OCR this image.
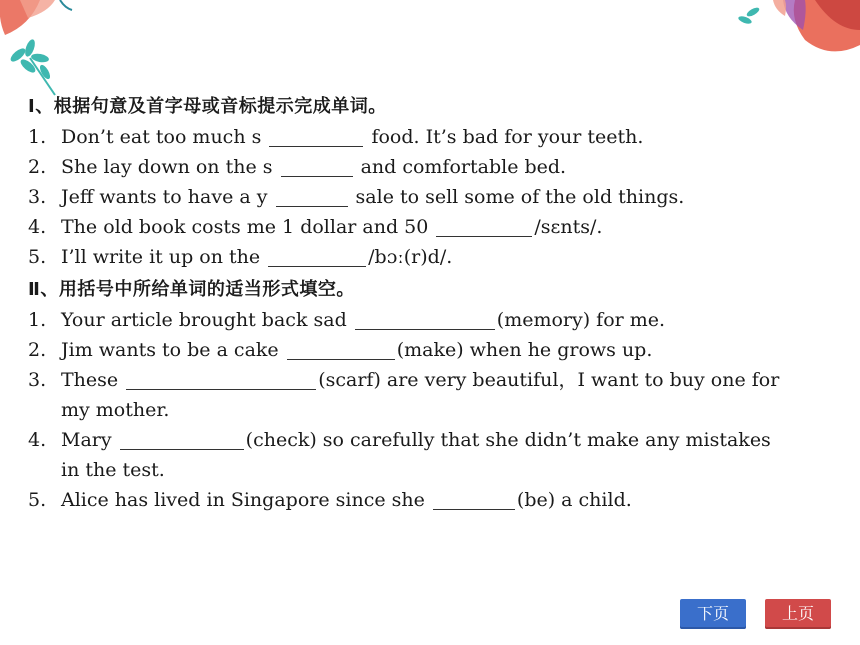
Ⅰ、根据句意及首字母或音标提示完成单词。
1. Don’t eat too much s	food. It’s bad for your teeth.
2. She lay down on the s	and comfortable bed.
3. Jeff wants to have a y	sale to sell some of the old things.
4. The old book costs me 1 dollar and 50	/sɛnts/.
5. I’ll write it up on the	/bɔː(r)d/.
Ⅱ、用括号中所给单词的适当形式填空。
1. Your article brought back sad	(memory) for me.
2. Jim wants to be a cake	(make) when he grows up.
3. These	(scarf) are very beautiful，I want to buy one for
my mother.
4. Mary	(check) so carefully that she didn’t make any mistakes
in the test.
5. Alice has lived in Singapore since she	(be) a child.
下页	上页
